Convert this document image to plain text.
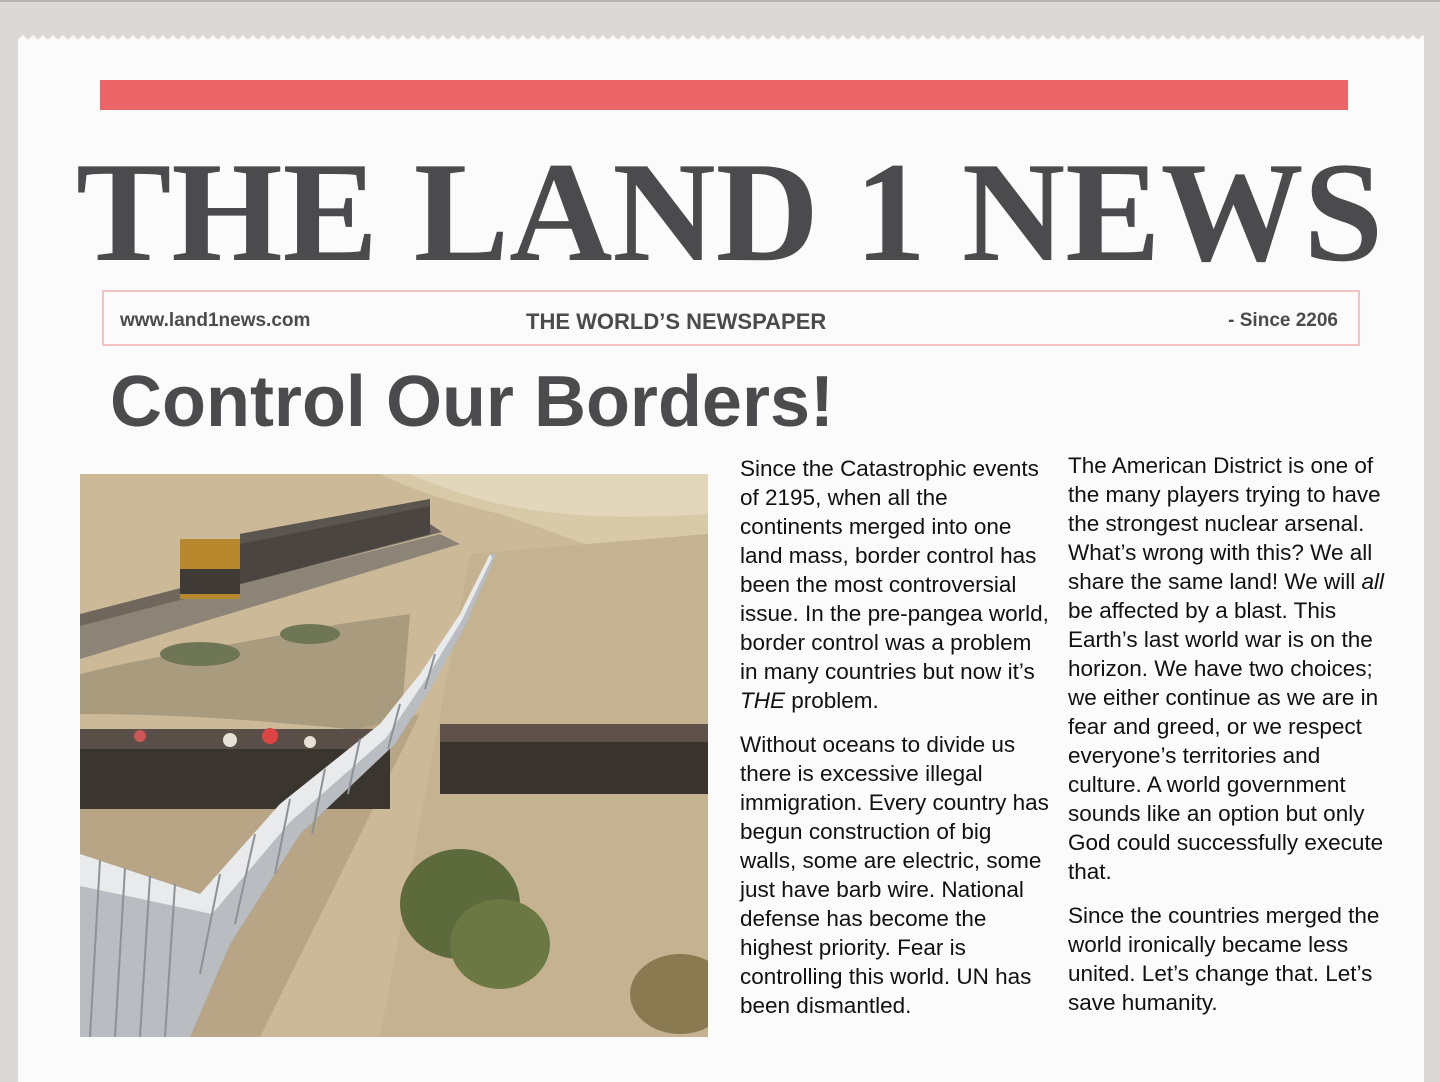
THE LAND 1 NEWS
www.land1news.com	THE WORLD’S NEWSPAPER	- Since 2206
Control Our Borders!

Since the Catastrophic events of 2195, when all the continents merged into one land mass, border control has been the most controversial issue. In the pre-pangea world, border control was a problem in many countries but now it’s THE problem.

Without oceans to divide us there is excessive illegal immigration. Every country has begun construction of big walls, some are electric, some just have barb wire. National defense has become the highest priority. Fear is controlling this world. UN has been dismantled.

The American District is one of the many players trying to have the strongest nuclear arsenal. What’s wrong with this? We all share the same land! We will all be affected by a blast. This Earth’s last world war is on the horizon. We have two choices; we either continue as we are in fear and greed, or we respect everyone’s territories and culture. A world government sounds like an option but only God could successfully execute that.

Since the countries merged the world ironically became less united. Let’s change that. Let’s save humanity.
